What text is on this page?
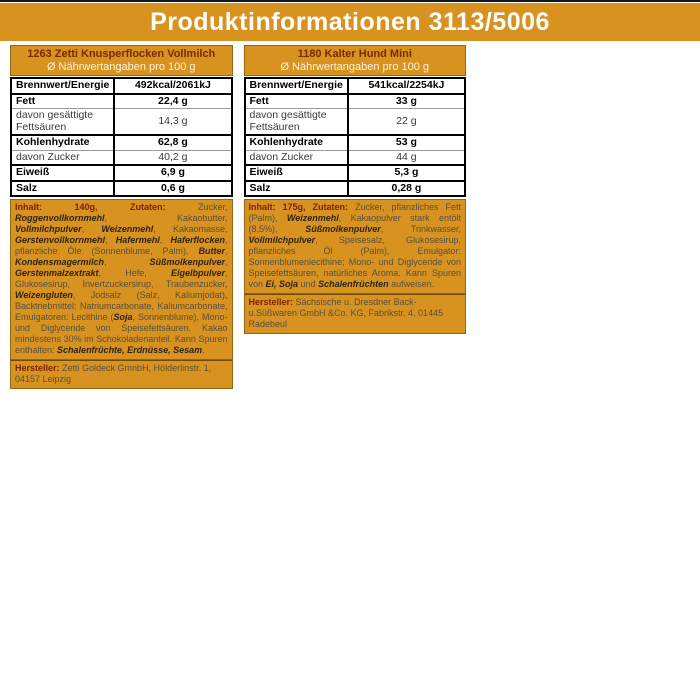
Produktinformationen 3113/5006
1263 Zetti Knusperflocken Vollmilch
Ø Nährwertangaben pro 100 g
Brennwert/Energie	492kcal/2061kJ
Fett	22,4 g
davon gesättigte Fettsäuren	14,3 g
Kohlenhydrate	62,8 g
davon Zucker	40,2 g
Eiweiß	6,9 g
Salz	0,6 g
Inhalt: 140g, Zutaten: Zucker, Roggenvollkornmehl, Kakaobutter, Vollmilchpulver, Weizenmehl, Kakaomasse, Gerstenvollkornmehl, Hafermehl, Haferflocken, pflanzliche Öle (Sonnenblume, Palm), Butter, Kondensmagermilch, Süßmolkenpulver, Gerstenmalzextrakt, Hefe, Eigelbpulver, Glukosesirup, Invertzuckersirup, Traubenzucker, Weizengluten, Jodsalz (Salz, Kaliumjodat), Backtriebmittel: Natriumcarbonate, Kaliumcarbonate, Emulgatoren: Lecithine (Soja, Sonnenblume), Mono- und Diglyceride von Speisefettsäuren. Kakao mindestens 30% im Schokoladenanteil. Kann Spuren enthalten: Schalenfrüchte, Erdnüsse, Sesam.
Hersteller: Zetti Goldeck GmnbH, Hölderlinstr. 1, 04157 Leipzig
1180 Kalter Hund Mini
Ø Nährwertangaben pro 100 g
Brennwert/Energie	541kcal/2254kJ
Fett	33 g
davon gesättigte Fettsäuren	22 g
Kohlenhydrate	53 g
davon Zucker	44 g
Eiweiß	5,3 g
Salz	0,28 g
Inhalt: 175g, Zutaten: Zucker, pflanzliches Fett (Palm), Weizenmehl, Kakaopulver stark entölt (8,5%), Süßmolkenpulver, Trinkwasser, Vollmilchpulver, Speisesalz, Glukosesirup, pflanzliches Öl (Palm), Emulgator: Sonnenblumenlecithine; Mono- und Diglyceride von Speisefettsäuren, natürliches Aroma. Kann Spuren von Ei, Soja und Schalenfrüchten aufweisen.
Hersteller: Sächsische u. Dresdner Back- u.Süßwaren GmbH &Co. KG, Fabrikstr. 4, 01445 Radebeul
